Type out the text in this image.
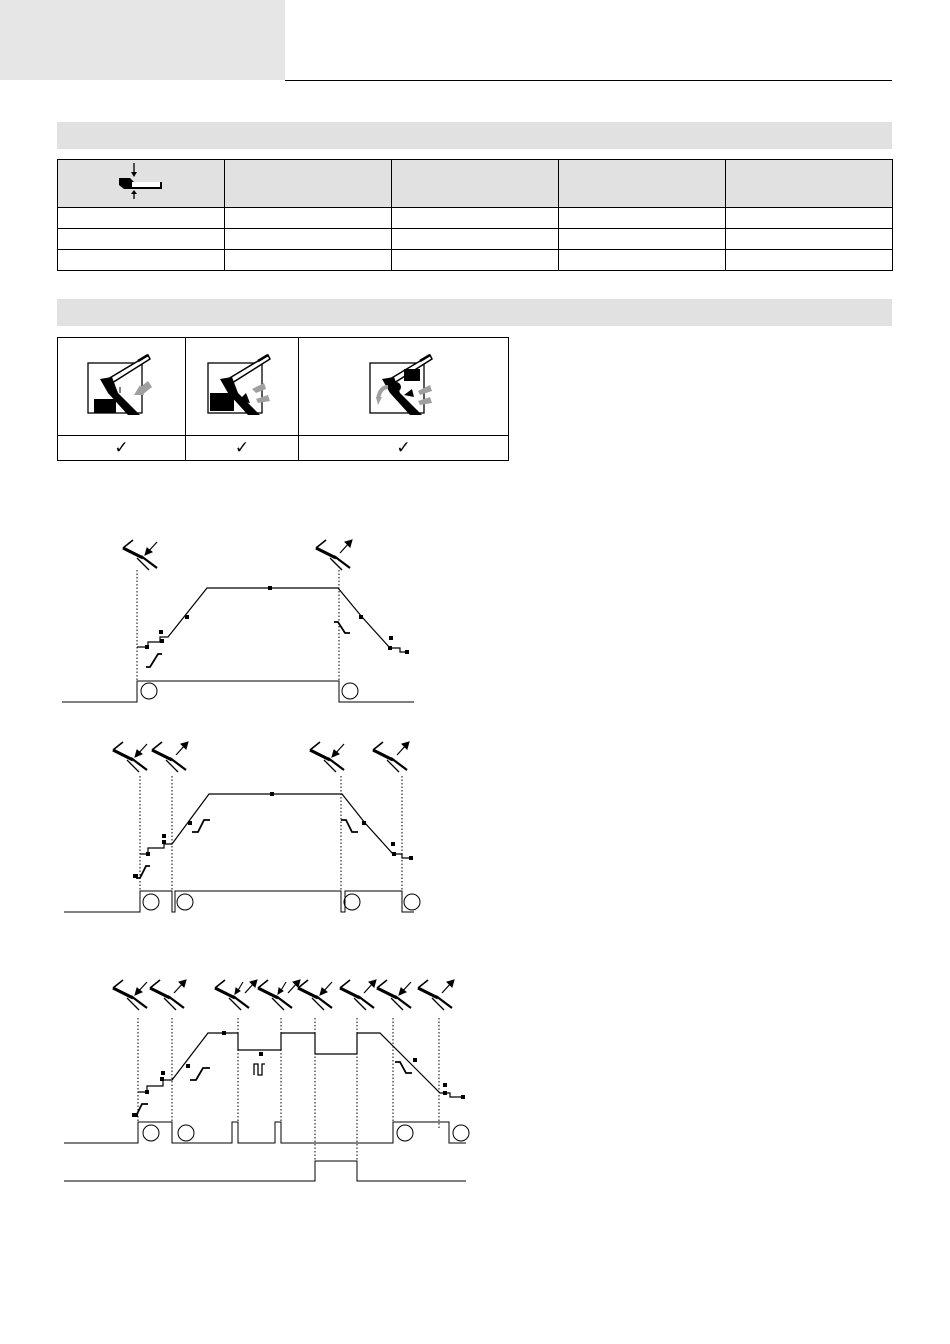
✓	✓	✓
